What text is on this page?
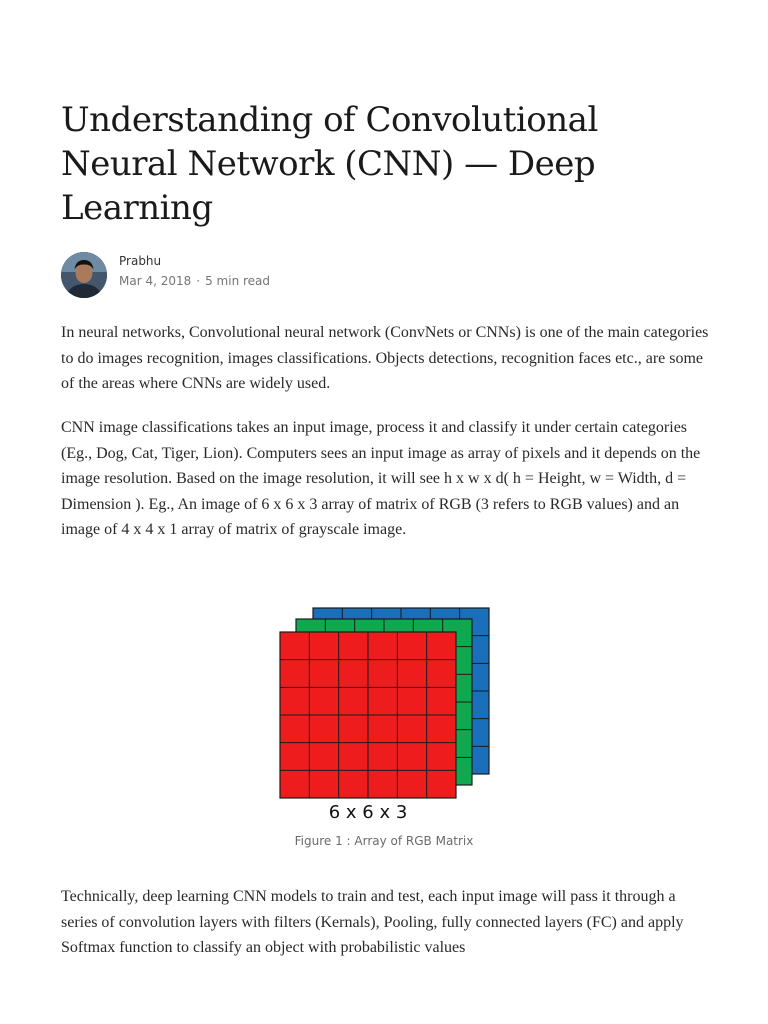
Understanding of Convolutional Neural Network (CNN) — Deep Learning
Prabhu
Mar 4, 2018 · 5 min read

In neural networks, Convolutional neural network (ConvNets or CNNs) is one of the main categories to do images recognition, images classifications. Objects detections, recognition faces etc., are some of the areas where CNNs are widely used.

CNN image classifications takes an input image, process it and classify it under certain categories (Eg., Dog, Cat, Tiger, Lion). Computers sees an input image as array of pixels and it depends on the image resolution. Based on the image resolution, it will see h x w x d( h = Height, w = Width, d = Dimension ). Eg., An image of 6 x 6 x 3 array of matrix of RGB (3 refers to RGB values) and an image of 4 x 4 x 1 array of matrix of grayscale image.

6 x 6 x 3
Figure 1 : Array of RGB Matrix

Technically, deep learning CNN models to train and test, each input image will pass it through a series of convolution layers with filters (Kernals), Pooling, fully connected layers (FC) and apply Softmax function to classify an object with probabilistic values
